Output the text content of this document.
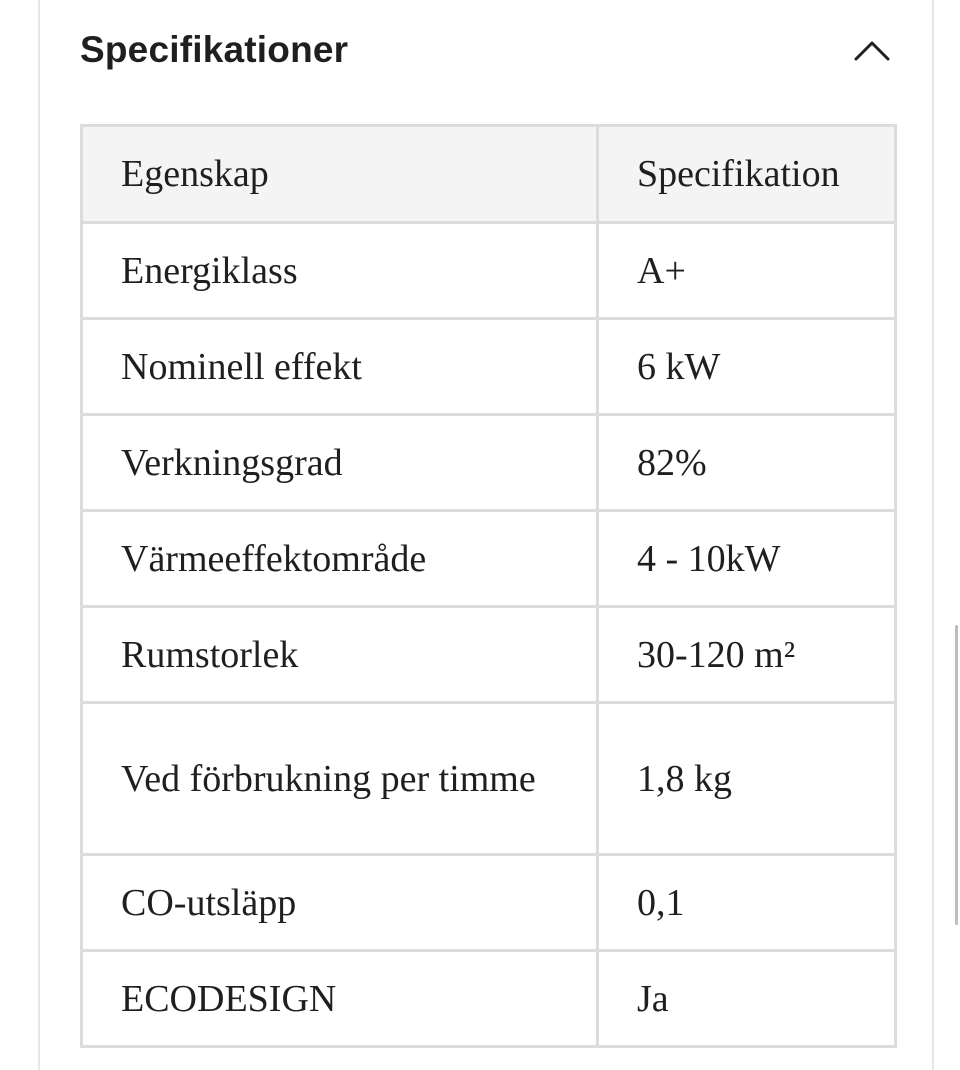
Specifikationer
Egenskap	Specifikation
Energiklass	A+
Nominell effekt	6 kW
Verkningsgrad	82%
Värmeeffektområde	4 - 10kW
Rumstorlek	30-120 m²
Ved förbrukning per timme	1,8 kg
CO-utsläpp	0,1
ECODESIGN	Ja
